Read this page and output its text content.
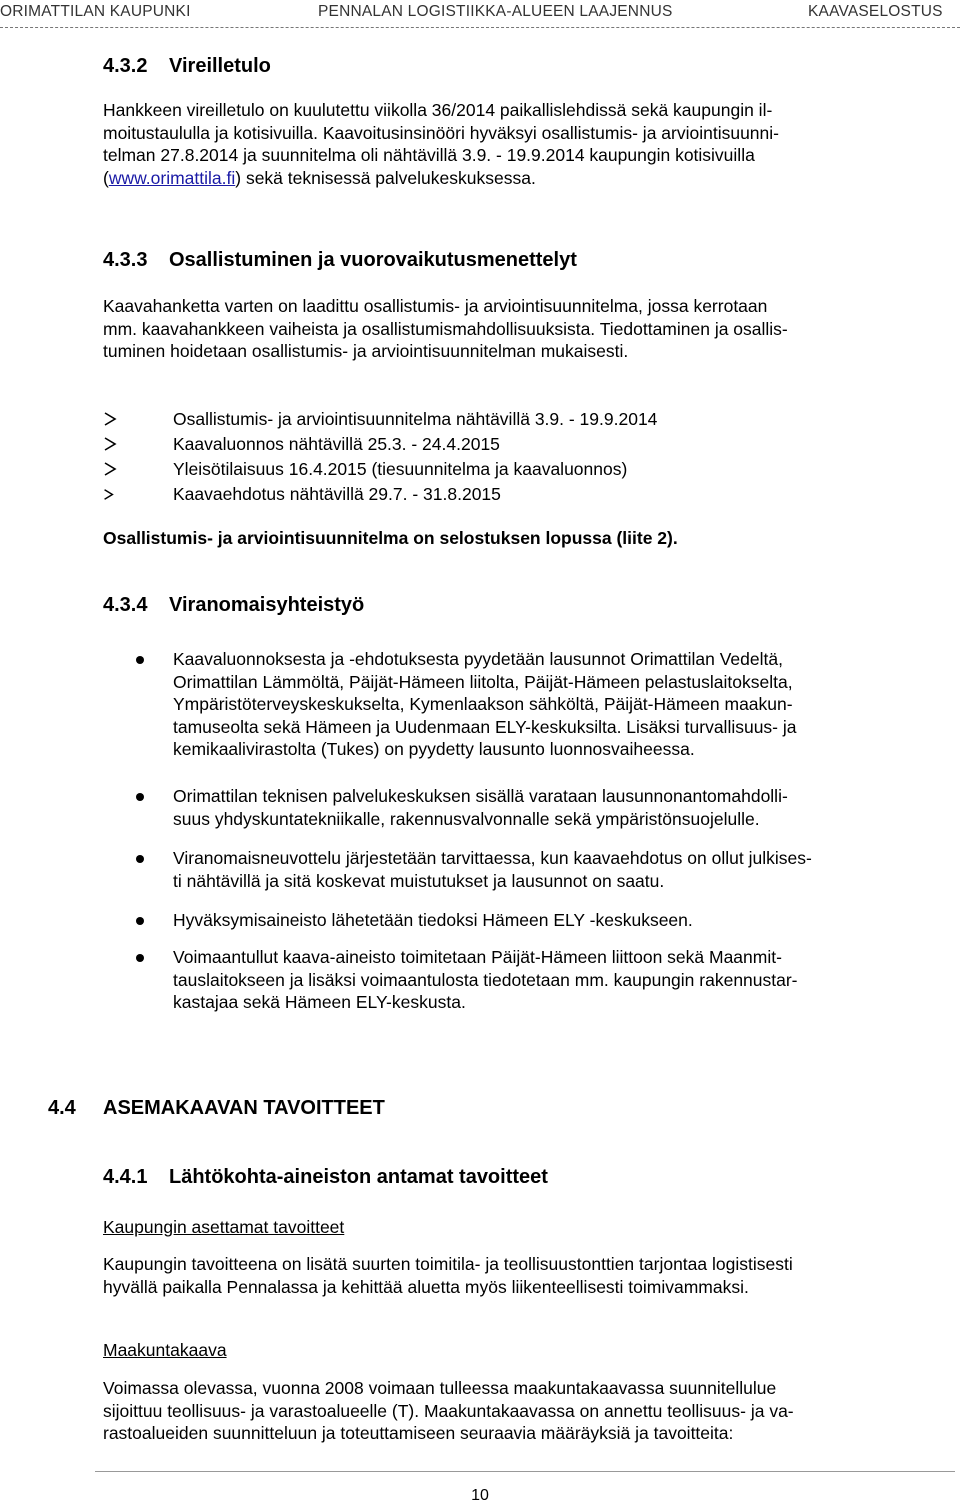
ORIMATTILAN KAUPUNKI	PENNALAN LOGISTIIKKA-ALUEEN LAAJENNUS	KAAVASELOSTUS
4.3.2 Vireilletulo
Hankkeen vireilletulo on kuulutettu viikolla 36/2014 paikallislehdissä sekä kaupungin il-
moitustaululla ja kotisivuilla. Kaavoitusinsinööri hyväksyi osallistumis- ja arviointisuunni-
telman 27.8.2014 ja suunnitelma oli nähtävillä 3.9. - 19.9.2014 kaupungin kotisivuilla
(www.orimattila.fi) sekä teknisessä palvelukeskuksessa.
4.3.3 Osallistuminen ja vuorovaikutusmenettelyt
Kaavahanketta varten on laadittu osallistumis- ja arviointisuunnitelma, jossa kerrotaan
mm. kaavahankkeen vaiheista ja osallistumismahdollisuuksista. Tiedottaminen ja osallis-
tuminen hoidetaan osallistumis- ja arviointisuunnitelman mukaisesti.
Osallistumis- ja arviointisuunnitelma nähtävillä 3.9. - 19.9.2014
Kaavaluonnos nähtävillä 25.3. - 24.4.2015
Yleisötilaisuus 16.4.2015 (tiesuunnitelma ja kaavaluonnos)
Kaavaehdotus nähtävillä 29.7. - 31.8.2015
Osallistumis- ja arviointisuunnitelma on selostuksen lopussa (liite 2).
4.3.4 Viranomaisyhteistyö
Kaavaluonnoksesta ja -ehdotuksesta pyydetään lausunnot Orimattilan Vedeltä,
Orimattilan Lämmöltä, Päijät-Hämeen liitolta, Päijät-Hämeen pelastuslaitokselta,
Ympäristöterveyskeskukselta, Kymenlaakson sähköltä, Päijät-Hämeen maakun-
tamuseolta sekä Hämeen ja Uudenmaan ELY-keskuksilta. Lisäksi turvallisuus- ja
kemikaalivirastolta (Tukes) on pyydetty lausunto luonnosvaiheessa.
Orimattilan teknisen palvelukeskuksen sisällä varataan lausunnonantomahdolli-
suus yhdyskuntatekniikalle, rakennusvalvonnalle sekä ympäristönsuojelulle.
Viranomaisneuvottelu järjestetään tarvittaessa, kun kaavaehdotus on ollut julkises-
ti nähtävillä ja sitä koskevat muistutukset ja lausunnot on saatu.
Hyväksymisaineisto lähetetään tiedoksi Hämeen ELY -keskukseen.
Voimaantullut kaava-aineisto toimitetaan Päijät-Hämeen liittoon sekä Maanmit-
tauslaitokseen ja lisäksi voimaantulosta tiedotetaan mm. kaupungin rakennustar-
kastajaa sekä Hämeen ELY-keskusta.
4.4 ASEMAKAAVAN TAVOITTEET
4.4.1 Lähtökohta-aineiston antamat tavoitteet
Kaupungin asettamat tavoitteet
Kaupungin tavoitteena on lisätä suurten toimitila- ja teollisuustonttien tarjontaa logistisesti
hyvällä paikalla Pennalassa ja kehittää aluetta myös liikenteellisesti toimivammaksi.
Maakuntakaava
Voimassa olevassa, vuonna 2008 voimaan tulleessa maakuntakaavassa suunnitellulue
sijoittuu teollisuus- ja varastoalueelle (T). Maakuntakaavassa on annettu teollisuus- ja va-
rastoalueiden suunnitteluun ja toteuttamiseen seuraavia määräyksiä ja tavoitteita:
10
